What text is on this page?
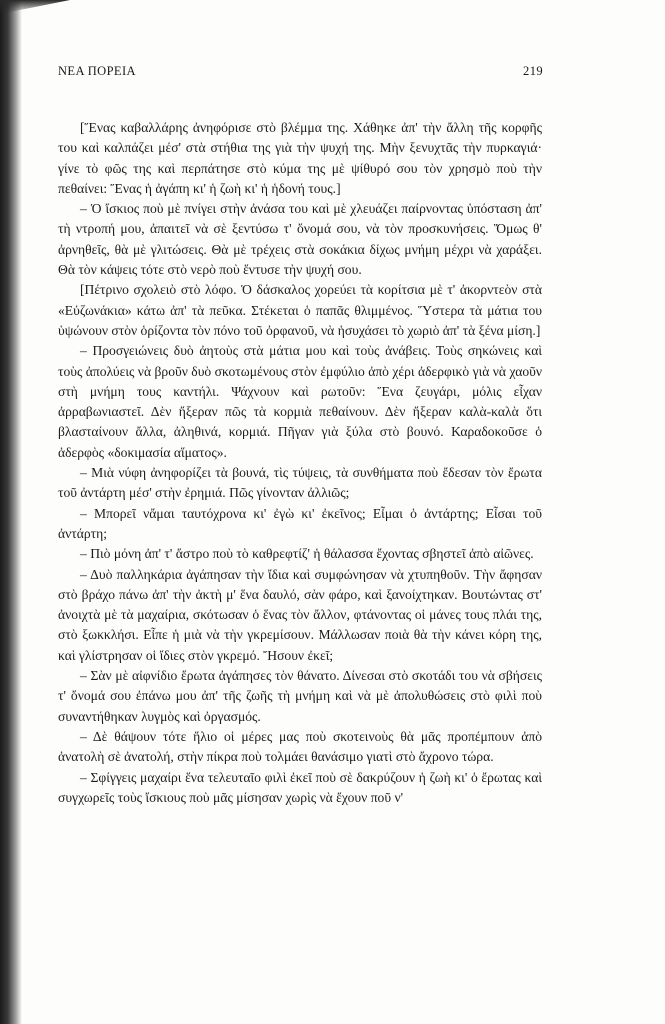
ΝΕΑ ΠΟΡΕΙΑ	219

[Ἕνας καβαλλάρης ἀνηφόρισε στὸ βλέμμα της. Χάθηκε ἀπ' τὴν ἄλλη τῆς κορφῆς του καὶ καλπάζει μέσ' στὰ στήθια της γιὰ τὴν ψυχή της. Μὴν ξενυχτᾶς τὴν πυρκαγιά· γίνε τὸ φῶς της καὶ περπάτησε στὸ κύμα της μὲ ψίθυρό σου τὸν χρησμὸ ποὺ τὴν πεθαίνει: Ἕνας ἡ ἀγάπη κι' ἡ ζωὴ κι' ἡ ἡδονή τους.]

– Ὁ ἴσκιος ποὺ μὲ πνίγει στὴν ἀνάσα του καὶ μὲ χλευάζει παίρνοντας ὑπόσταση ἀπ' τὴ ντροπή μου, ἀπαιτεῖ νὰ σὲ ξεντύσω τ' ὄνομά σου, νὰ τὸν προσκυνήσεις. Ὅμως θ' ἀρνηθεῖς, θὰ μὲ γλιτώσεις. Θὰ μὲ τρέχεις στὰ σοκάκια δίχως μνήμη μέχρι νὰ χαράξει. Θὰ τὸν κάψεις τότε στὸ νερὸ ποὺ ἔντυσε τὴν ψυχή σου.

[Πέτρινο σχολειὸ στὸ λόφο. Ὁ δάσκαλος χορεύει τὰ κορίτσια μὲ τ' ἀκορντεὸν στὰ «Εὐζωνάκια» κάτω ἀπ' τὰ πεῦκα. Στέκεται ὁ παπᾶς θλιμμένος. Ὕστερα τὰ μάτια του ὑψώνουν στὸν ὁρίζοντα τὸν πόνο τοῦ ὀρφανοῦ, νὰ ἡσυχάσει τὸ χωριὸ ἀπ' τὰ ξένα μίση.]

– Προσγειώνεις δυὸ ἀητοὺς στὰ μάτια μου καὶ τοὺς ἀνάβεις. Τοὺς σηκώνεις καὶ τοὺς ἀπολύεις νὰ βροῦν δυὸ σκοτωμένους στὸν ἐμφύλιο ἀπὸ χέρι ἀδερφικὸ γιὰ νὰ χαοῦν στὴ μνήμη τους καντήλι. Ψάχνουν καὶ ρωτοῦν: Ἕνα ζευγάρι, μόλις εἶχαν ἀρραβωνιαστεῖ. Δὲν ἤξεραν πῶς τὰ κορμιὰ πεθαίνουν. Δὲν ἤξεραν καλὰ-καλὰ ὅτι βλασταίνουν ἄλλα, ἀληθινά, κορμιά. Πῆγαν γιὰ ξύλα στὸ βουνό. Καραδοκοῦσε ὁ ἀδερφὸς «δοκιμασία αἵματος».

– Μιὰ νύφη ἀνηφορίζει τὰ βουνά, τὶς τύψεις, τὰ συνθήματα ποὺ ἔδεσαν τὸν ἔρωτα τοῦ ἀντάρτη μέσ' στὴν ἐρημιά. Πῶς γίνονταν ἀλλιῶς;

– Μπορεῖ νἄμαι ταυτόχρονα κι' ἐγὼ κι' ἐκεῖνος; Εἶμαι ὁ ἀντάρτης; Εἶσαι τοῦ ἀντάρτη;

– Πιὸ μόνη ἀπ' τ' ἄστρο ποὺ τὸ καθρεφτίζ' ἡ θάλασσα ἔχοντας σβηστεῖ ἀπὸ αἰῶνες.

– Δυὸ παλληκάρια ἀγάπησαν τὴν ἴδια καὶ συμφώνησαν νὰ χτυπηθοῦν. Τὴν ἄφησαν στὸ βράχο πάνω ἀπ' τὴν ἀκτὴ μ' ἕνα δαυλό, σὰν φάρο, καὶ ξανοίχτηκαν. Βουτώντας στ' ἀνοιχτὰ μὲ τὰ μαχαίρια, σκότωσαν ὁ ἕνας τὸν ἄλλον, φτάνοντας οἱ μάνες τους πλάι της, στὸ ξωκκλήσι. Εἶπε ἡ μιὰ νὰ τὴν γκρεμίσουν. Μάλλωσαν ποιὰ θὰ τὴν κάνει κόρη της, καὶ γλίστρησαν οἱ ἴδιες στὸν γκρεμό. Ἤσουν ἐκεῖ;

– Σὰν μὲ αἰφνίδιο ἔρωτα ἀγάπησες τὸν θάνατο. Δίνεσαι στὸ σκοτάδι του νὰ σβήσεις τ' ὄνομά σου ἐπάνω μου ἀπ' τῆς ζωῆς τὴ μνήμη καὶ νὰ μὲ ἀπολυθώσεις στὸ φιλὶ ποὺ συναντήθηκαν λυγμὸς καὶ ὀργασμός.

– Δὲ θάψουν τότε ἥλιο οἱ μέρες μας ποὺ σκοτεινοὺς θὰ μᾶς προπέμπουν ἀπὸ ἀνατολὴ σὲ ἀνατολή, στὴν πίκρα ποὺ τολμάει θανάσιμο γιατὶ στὸ ἄχρονο τώρα.

– Σφίγγεις μαχαίρι ἕνα τελευταῖο φιλὶ ἐκεῖ ποὺ σὲ δακρύζουν ἡ ζωὴ κι' ὁ ἔρωτας καὶ συγχωρεῖς τοὺς ἴσκιους ποὺ μᾶς μίσησαν χωρὶς νὰ ἔχουν ποῦ ν'
